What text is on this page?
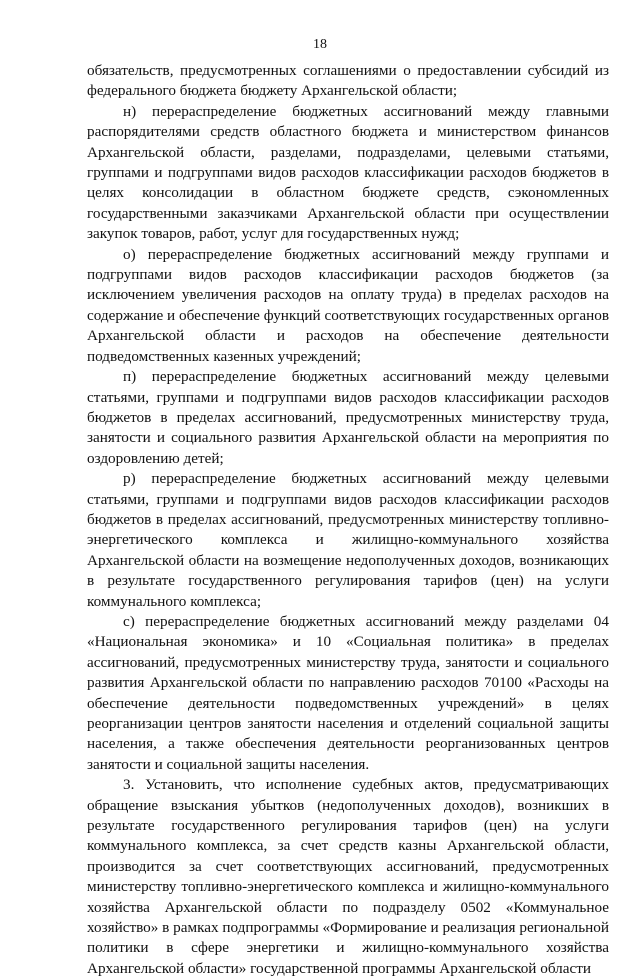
18

обязательств, предусмотренных соглашениями о предоставлении субсидий из федерального бюджета бюджету Архангельской области;

н) перераспределение бюджетных ассигнований между главными распорядителями средств областного бюджета и министерством финансов Архангельской области, разделами, подразделами, целевыми статьями, группами и подгруппами видов расходов классификации расходов бюджетов в целях консолидации в областном бюджете средств, сэкономленных государственными заказчиками Архангельской области при осуществлении закупок товаров, работ, услуг для государственных нужд;

о) перераспределение бюджетных ассигнований между группами и подгруппами видов расходов классификации расходов бюджетов (за исключением увеличения расходов на оплату труда) в пределах расходов на содержание и обеспечение функций соответствующих государственных органов Архангельской области и расходов на обеспечение деятельности подведомственных казенных учреждений;

п) перераспределение бюджетных ассигнований между целевыми статьями, группами и подгруппами видов расходов классификации расходов бюджетов в пределах ассигнований, предусмотренных министерству труда, занятости и социального развития Архангельской области на мероприятия по оздоровлению детей;

р) перераспределение бюджетных ассигнований между целевыми статьями, группами и подгруппами видов расходов классификации расходов бюджетов в пределах ассигнований, предусмотренных министерству топливно-энергетического комплекса и жилищно-коммунального хозяйства Архангельской области на возмещение недополученных доходов, возникающих в результате государственного регулирования тарифов (цен) на услуги коммунального комплекса;

с) перераспределение бюджетных ассигнований между разделами 04 «Национальная экономика» и 10 «Социальная политика» в пределах ассигнований, предусмотренных министерству труда, занятости и социального развития Архангельской области по направлению расходов 70100 «Расходы на обеспечение деятельности подведомственных учреждений» в целях реорганизации центров занятости населения и отделений социальной защиты населения, а также обеспечения деятельности реорганизованных центров занятости и социальной защиты населения.

3. Установить, что исполнение судебных актов, предусматривающих обращение взыскания убытков (недополученных доходов), возникших в результате государственного регулирования тарифов (цен) на услуги коммунального комплекса, за счет средств казны Архангельской области, производится за счет соответствующих ассигнований, предусмотренных министерству топливно-энергетического комплекса и жилищно-коммунального хозяйства Архангельской области по подразделу 0502 «Коммунальное хозяйство» в рамках подпрограммы «Формирование и реализация региональной политики в сфере энергетики и жилищно-коммунального хозяйства Архангельской области» государственной программы Архангельской области
